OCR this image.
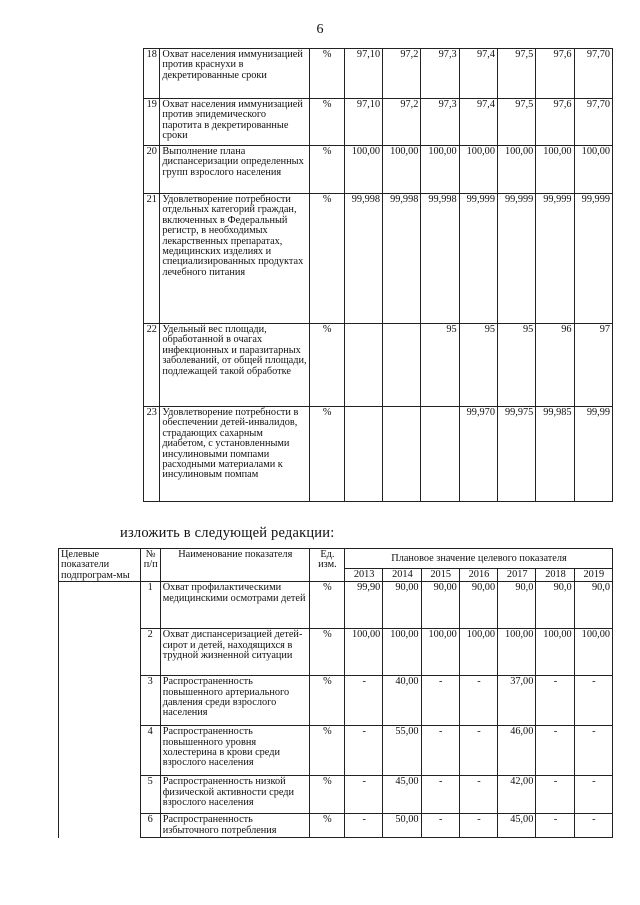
6
	18	Охват населения иммунизацией против краснухи в декретированные сроки	%	97,10	97,2	97,3	97,4	97,5	97,6	97,70
	19	Охват населения иммунизацией против эпидемического паротита в декретированные сроки	%	97,10	97,2	97,3	97,4	97,5	97,6	97,70
	20	Выполнение плана диспансеризации определенных групп взрослого населения	%	100,00	100,00	100,00	100,00	100,00	100,00	100,00
	21	Удовлетворение потребности отдельных категорий граждан, включенных в Федеральный регистр, в необходимых лекарственных препаратах, медицинских изделиях и специализированных продуктах лечебного питания	%	99,998	99,998	99,998	99,999	99,999	99,999	99,999
	22	Удельный вес площади, обработанной в очагах инфекционных и паразитарных заболеваний, от общей площади, подлежащей такой обработке	%			95	95	95	96	97
	23	Удовлетворение потребности в обеспечении детей-инвалидов, страдающих сахарным диабетом, с установленными инсулиновыми помпами расходными материалами к инсулиновым помпам	%				99,970	99,975	99,985	99,99
изложить в следующей редакции:
Целевые показатели подпрограм-мы	№ п/п	Наименование показателя	Ед. изм.	Плановое значение целевого показателя						
				2013	2014	2015	2016	2017	2018	2019
	1	Охват профилактическими медицинскими осмотрами детей	%	99,90	90,00	90,00	90,00	90,0	90,0	90,0
	2	Охват диспансеризацией детей-сирот и детей, находящихся в трудной жизненной ситуации	%	100,00	100,00	100,00	100,00	100,00	100,00	100,00
	3	Распространенность повышенного артериального давления среди взрослого населения	%	-	40,00	-	-	37,00	-	-
	4	Распространенность повышенного уровня холестерина в крови среди взрослого населения	%	-	55,00	-	-	46,00	-	-
	5	Распространенность низкой физической активности среди взрослого населения	%	-	45,00	-	-	42,00	-	-
	6	Распространенность избыточного потребления	%	-	50,00	-	-	45,00	-	-
